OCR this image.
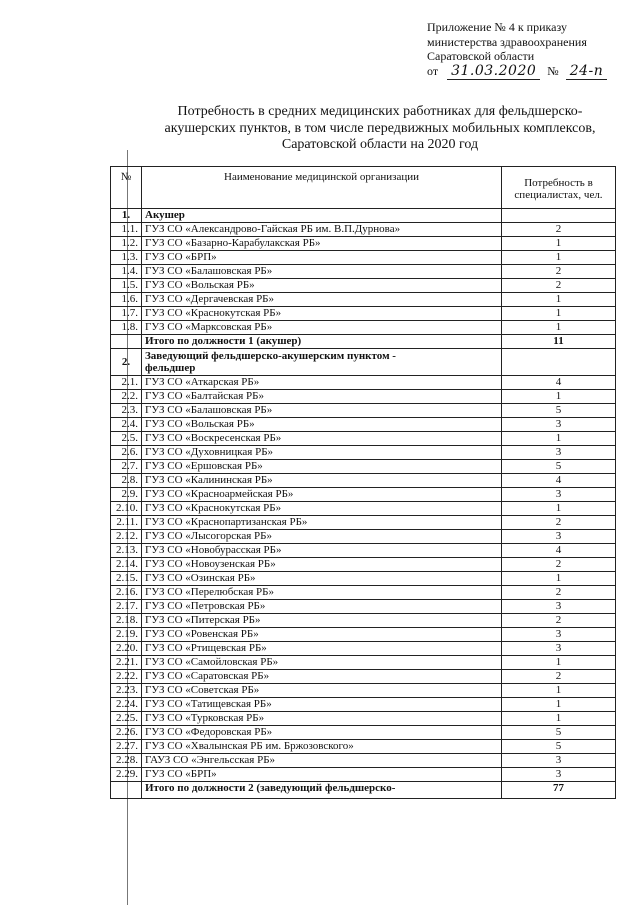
Приложение № 4 к приказу
министерства здравоохранения
Саратовской области
от 31.03.2020 № 24-п
Потребность в средних медицинских работниках для фельдшерско-
акушерских пунктов, в том числе передвижных мобильных комплексов,
Саратовской области на 2020 год
№	Наименование медицинской организации	Потребность в
специалистах, чел.

1.	Акушер	
1.1.	ГУЗ СО «Александрово-Гайская РБ им. В.П.Дурнова»	2
1.2.	ГУЗ СО «Базарно-Карабулакская РБ»	1
1.3.	ГУЗ СО «БРП»	1
1.4.	ГУЗ СО «Балашовская РБ»	2
1.5.	ГУЗ СО «Вольская РБ»	2
1.6.	ГУЗ СО «Дергачевская РБ»	1
1.7.	ГУЗ СО «Краснокутская РБ»	1
1.8.	ГУЗ СО «Марксовская РБ»	1
	Итого по должности 1 (акушер)	11
2.	Заведующий фельдшерско-акушерским пунктом -
фельдшер	

2.1.	ГУЗ СО «Аткарская РБ»	4
2.2.	ГУЗ СО «Балтайская РБ»	1
2.3.	ГУЗ СО «Балашовская РБ»	5
2.4.	ГУЗ СО «Вольская РБ»	3
2.5.	ГУЗ СО «Воскресенская РБ»	1
2.6.	ГУЗ СО «Духовницкая РБ»	3
2.7.	ГУЗ СО «Ершовская РБ»	5
2.8.	ГУЗ СО «Калининская РБ»	4
2.9.	ГУЗ СО «Красноармейская РБ»	3
2.10.	ГУЗ СО «Краснокутская РБ»	1
2.11.	ГУЗ СО «Краснопартизанская РБ»	2
2.12.	ГУЗ СО «Лысогорская РБ»	3
2.13.	ГУЗ СО «Новобурасская РБ»	4
2.14.	ГУЗ СО «Новоузенская РБ»	2
2.15.	ГУЗ СО «Озинская РБ»	1
2.16.	ГУЗ СО «Перелюбская РБ»	2
2.17.	ГУЗ СО «Петровская РБ»	3
2.18.	ГУЗ СО «Питерская РБ»	2
2.19.	ГУЗ СО «Ровенская РБ»	3
2.20.	ГУЗ СО «Ртищевская РБ»	3
2.21.	ГУЗ СО «Самойловская РБ»	1
2.22.	ГУЗ СО «Саратовская РБ»	2
2.23.	ГУЗ СО «Советская РБ»	1
2.24.	ГУЗ СО «Татищевская РБ»	1
2.25.	ГУЗ СО «Турковская РБ»	1
2.26.	ГУЗ СО «Федоровская РБ»	5
2.27.	ГУЗ СО «Хвалынская РБ им. Бржозовского»	5
2.28.	ГАУЗ СО «Энгельсская РБ»	3
2.29.	ГУЗ СО «БРП»	3
	Итого по должности 2 (заведующий фельдшерско-	77
